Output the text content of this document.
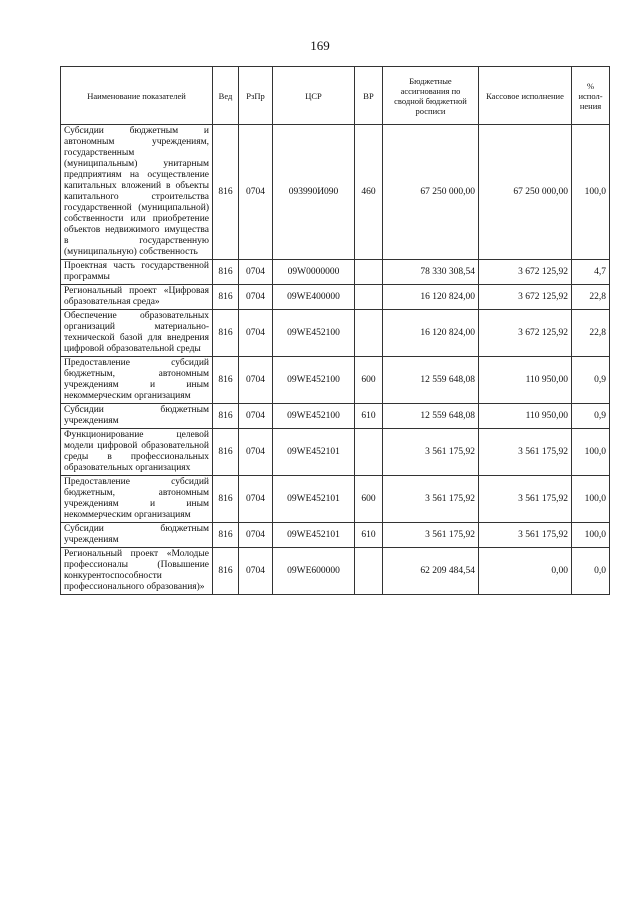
169
Наименование показателей	Вед	РзПр	ЦСР	ВР	Бюджетные ассигнования по сводной бюджетной росписи	Кассовое исполнение	% испол-нения
Субсидии бюджетным и автономным учреждениям, государственным (муниципальным) унитарным предприятиям на осуществление капитальных вложений в объекты капитального строительства государственной (муниципальной) собственности или приобретение объектов недвижимого имущества в государственную (муниципальную) собственность	816	0704	093990И090	460	67 250 000,00	67 250 000,00	100,0
Проектная часть государственной программы	816	0704	09W0000000		78 330 308,54	3 672 125,92	4,7
Региональный проект «Цифровая образовательная среда»	816	0704	09WE400000		16 120 824,00	3 672 125,92	22,8
Обеспечение образовательных организаций материально-технической базой для внедрения цифровой образовательной среды	816	0704	09WE452100		16 120 824,00	3 672 125,92	22,8
Предоставление субсидий бюджетным, автономным учреждениям и иным некоммерческим организациям	816	0704	09WE452100	600	12 559 648,08	110 950,00	0,9
Субсидии бюджетным учреждениям	816	0704	09WE452100	610	12 559 648,08	110 950,00	0,9
Функционирование целевой модели цифровой образовательной среды в профессиональных образовательных организациях	816	0704	09WE452101		3 561 175,92	3 561 175,92	100,0
Предоставление субсидий бюджетным, автономным учреждениям и иным некоммерческим организациям	816	0704	09WE452101	600	3 561 175,92	3 561 175,92	100,0
Субсидии бюджетным учреждениям	816	0704	09WE452101	610	3 561 175,92	3 561 175,92	100,0
Региональный проект «Молодые профессионалы (Повышение конкурентоспособности профессионального образования)»	816	0704	09WE600000		62 209 484,54	0,00	0,0
